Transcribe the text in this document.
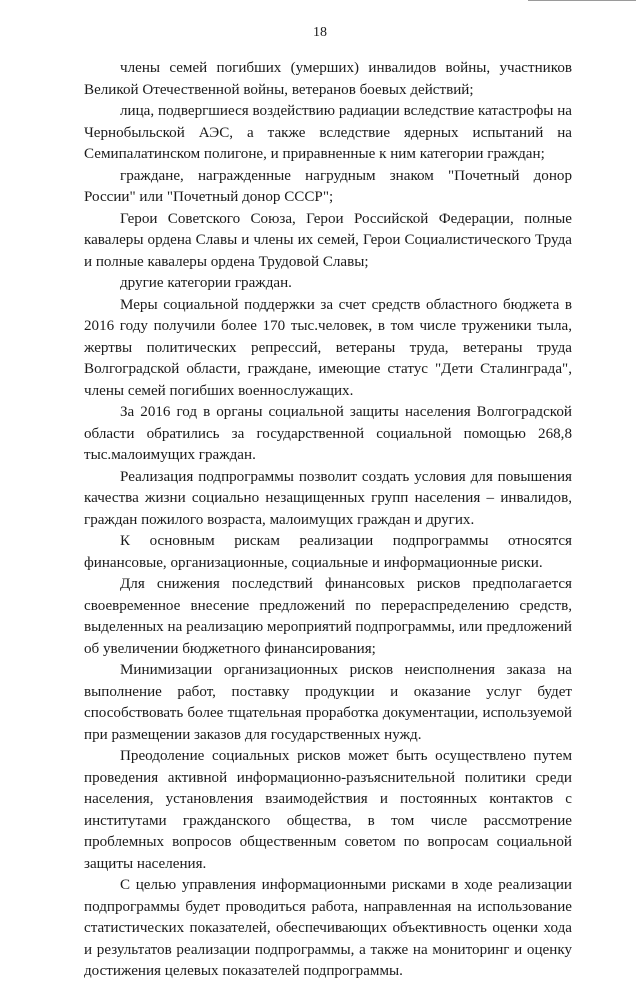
18

члены семей погибших (умерших) инвалидов войны, участников Великой Отечественной войны, ветеранов боевых действий;

лица, подвергшиеся воздействию радиации вследствие катастрофы на Чернобыльской АЭС, а также вследствие ядерных испытаний на Семипалатинском полигоне, и приравненные к ним категории граждан;

граждане, награжденные нагрудным знаком "Почетный донор России" или "Почетный донор СССР";

Герои Советского Союза, Герои Российской Федерации, полные кавалеры ордена Славы и члены их семей, Герои Социалистического Труда и полные кавалеры ордена Трудовой Славы;

другие категории граждан.

Меры социальной поддержки за счет средств областного бюджета в 2016 году получили более 170 тыс.человек, в том числе труженики тыла, жертвы политических репрессий, ветераны труда, ветераны труда Волгоградской области, граждане, имеющие статус "Дети Сталинграда", члены семей погибших военнослужащих.

За 2016 год в органы социальной защиты населения Волгоградской области обратились за государственной социальной помощью 268,8 тыс.малоимущих граждан.

Реализация подпрограммы позволит создать условия для повышения качества жизни социально незащищенных групп населения – инвалидов, граждан пожилого возраста, малоимущих граждан и других.

К основным рискам реализации подпрограммы относятся финансовые, организационные, социальные и информационные риски.

Для снижения последствий финансовых рисков предполагается своевременное внесение предложений по перераспределению средств, выделенных на реализацию мероприятий подпрограммы, или предложений об увеличении бюджетного финансирования;

Минимизации организационных рисков неисполнения заказа на выполнение работ, поставку продукции и оказание услуг будет способствовать более тщательная проработка документации, используемой при размещении заказов для государственных нужд.

Преодоление социальных рисков может быть осуществлено путем проведения активной информационно-разъяснительной политики среди населения, установления взаимодействия и постоянных контактов с институтами гражданского общества, в том числе рассмотрение проблемных вопросов общественным советом по вопросам социальной защиты населения.

С целью управления информационными рисками в ходе реализации подпрограммы будет проводиться работа, направленная на использование статистических показателей, обеспечивающих объективность оценки хода и результатов реализации подпрограммы, а также на мониторинг и оценку достижения целевых показателей подпрограммы.
